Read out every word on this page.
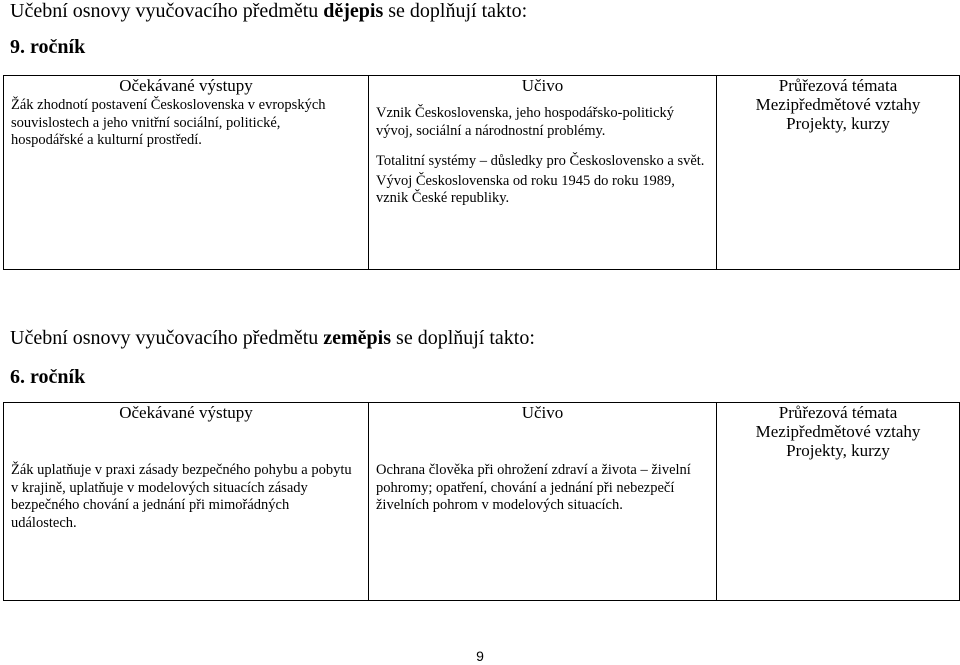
Učební osnovy vyučovacího předmětu dějepis se doplňují takto:
9. ročník
Očekávané výstupy	Učivo	Průřezová témata
Mezipředmětové vztahy
Projekty, kurzy

Žák zhodnotí postavení Československa v evropských souvislostech a jeho vnitřní sociální, politické, hospodářské a kulturní prostředí.	Vznik Československa, jeho hospodářsko-politický vývoj, sociální a národnostní problémy.

Totalitní systémy – důsledky pro Československo a svět.

Vývoj Československa od roku 1945 do roku 1989, vznik České republiky.	

Učební osnovy vyučovacího předmětu zeměpis se doplňují takto:
6. ročník
Očekávané výstupy	Učivo	Průřezová témata
Mezipředmětové vztahy
Projekty, kurzy

Žák uplatňuje v praxi zásady bezpečného pohybu a pobytu v krajině, uplatňuje v modelových situacích zásady bezpečného chování a jednání při mimořádných událostech.	Ochrana člověka při ohrožení zdraví a života – živelní pohromy; opatření, chování a jednání při nebezpečí živelních pohrom v modelových situacích.	

9
